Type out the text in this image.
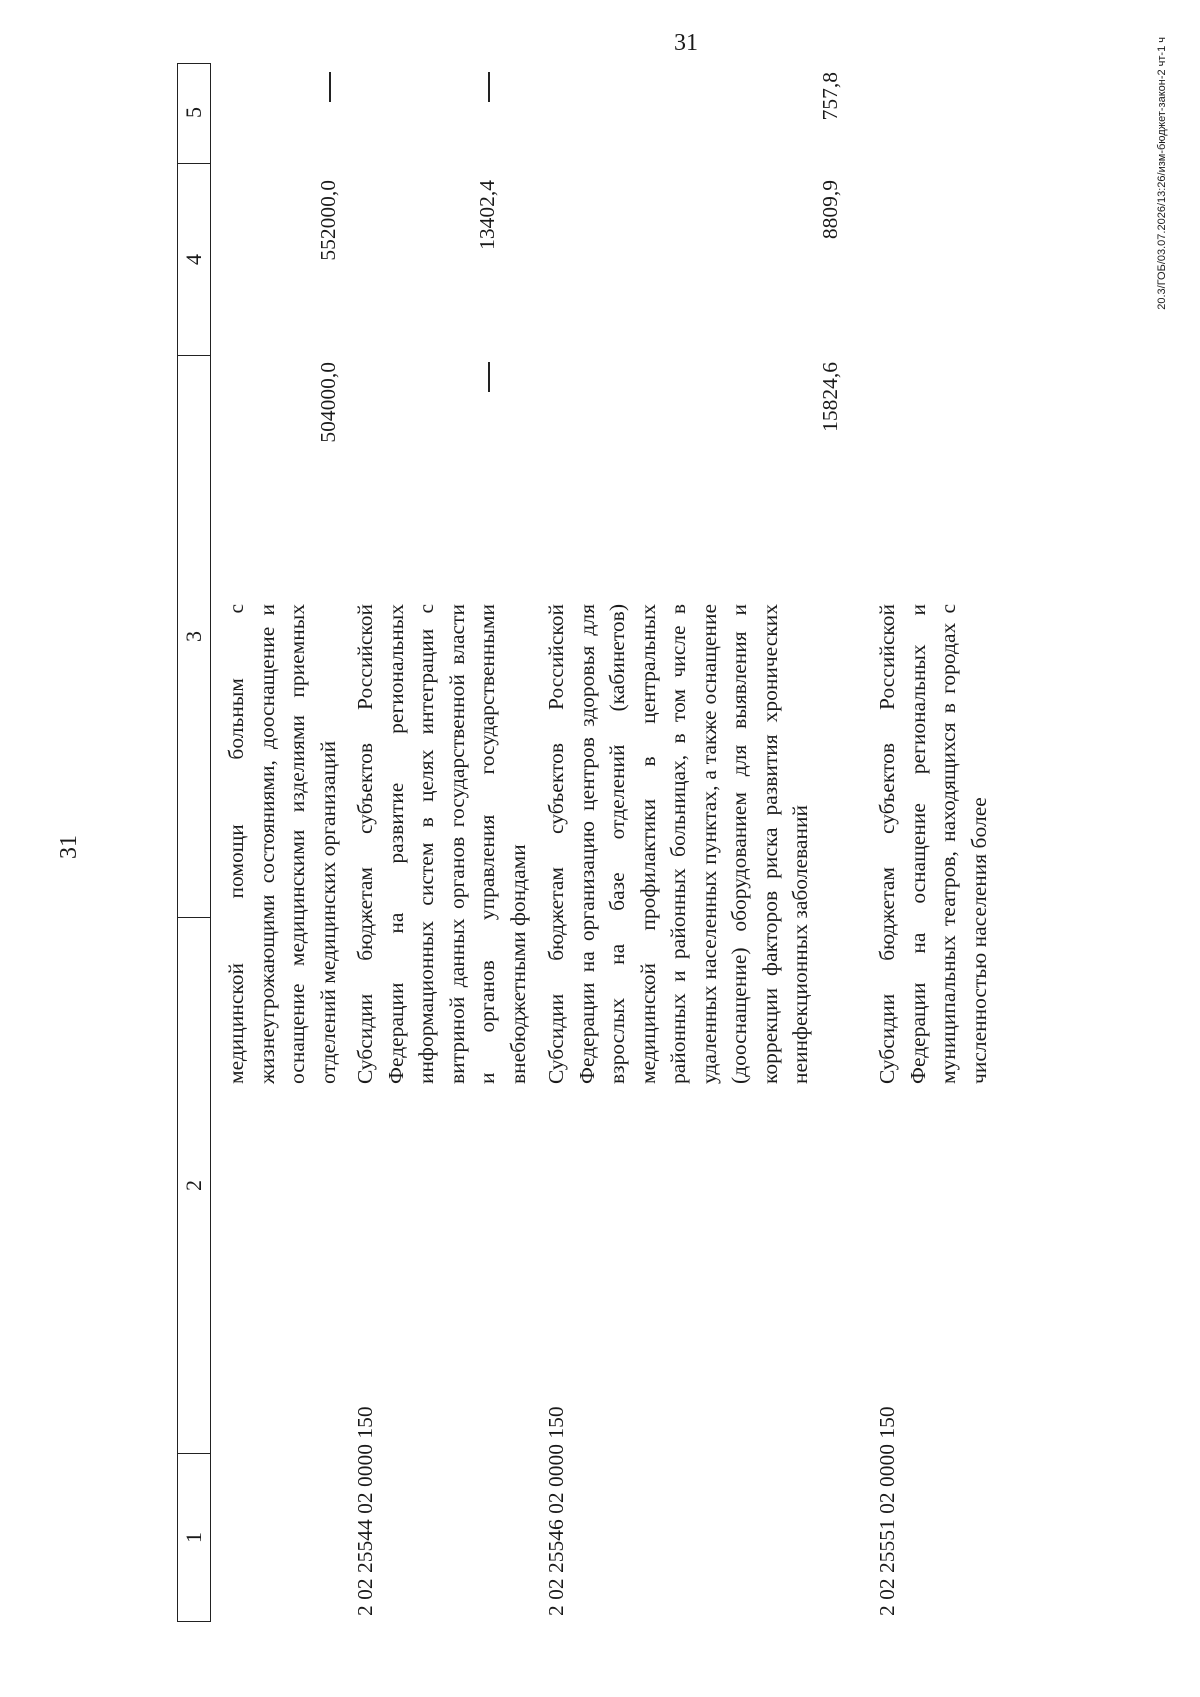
31
31
1
2
3
4
5
медицинской помощи больным с жизнеугрожающими состояниями, дооснащение и оснащение медицинскими изделиями приемных отделений медицинских организаций
504000,0
552000,0
2 02 25544 02 0000 150
Субсидии бюджетам субъектов Российской Федерации на развитие региональных информационных систем в целях интеграции с витриной данных органов государственной власти и органов управления государственными внебюджетными фондами
13402,4
2 02 25546 02 0000 150
Субсидии бюджетам субъектов Российской Федерации на организацию центров здоровья для взрослых на базе отделений (кабинетов) медицинской профилактики в центральных районных и районных больницах, в том числе в удаленных населенных пунктах, а также оснащение (дооснащение) оборудованием для выявления и коррекции факторов риска развития хронических неинфекционных заболеваний
15824,6
8809,9
757,8
2 02 25551 02 0000 150
Субсидии бюджетам субъектов Российской Федерации на оснащение региональных и муниципальных театров, находящихся в городах с численностью населения более
20.3/ГОБ/03.07.2026/13:26/изм-бюджет-закон-2 чт-1 ч
